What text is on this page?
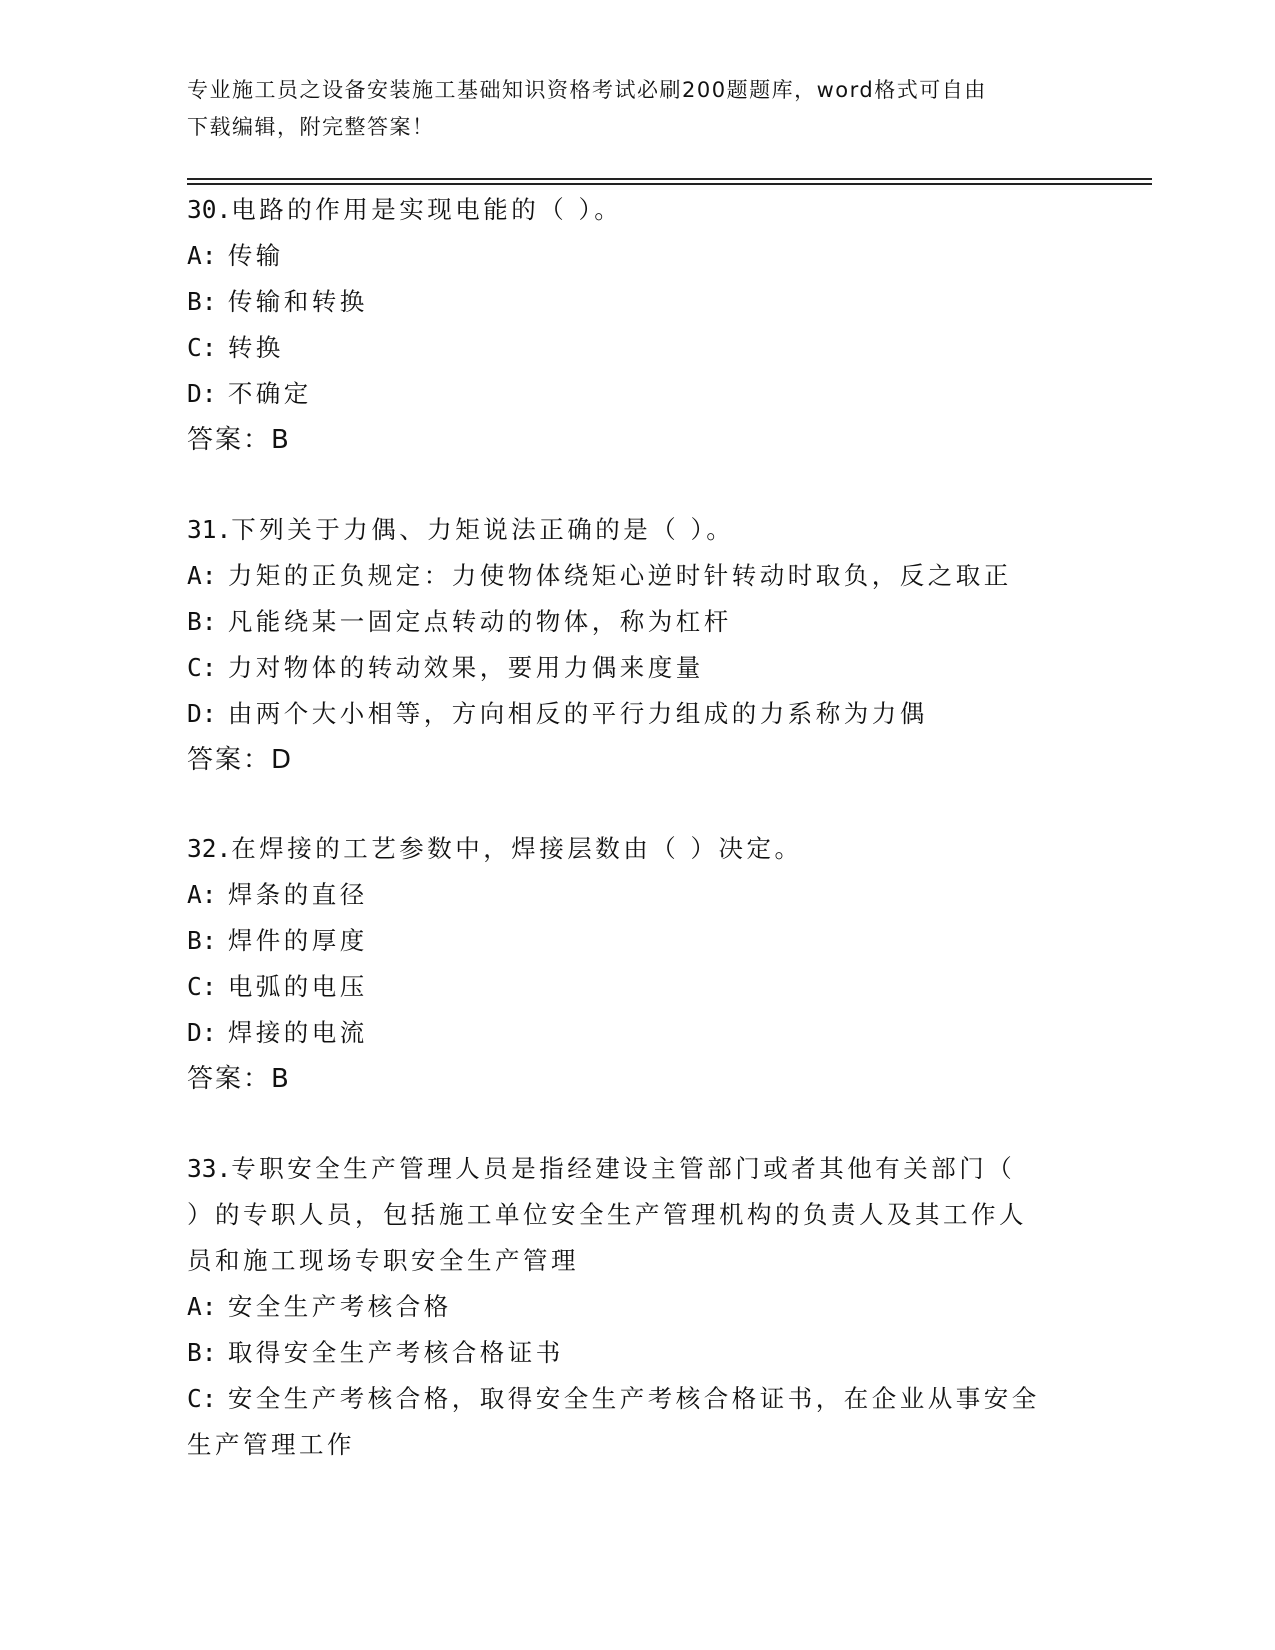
专业施工员之设备安装施工基础知识资格考试必刷200题题库，word格式可自由
下载编辑，附完整答案！
30.电路的作用是实现电能的（ ）。
A: 传输
B: 传输和转换
C: 转换
D: 不确定
答案：B
31.下列关于力偶、力矩说法正确的是（ ）。
A: 力矩的正负规定：力使物体绕矩心逆时针转动时取负，反之取正
B: 凡能绕某一固定点转动的物体，称为杠杆
C: 力对物体的转动效果，要用力偶来度量
D: 由两个大小相等，方向相反的平行力组成的力系称为力偶
答案：D
32.在焊接的工艺参数中，焊接层数由（ ）决定。
A: 焊条的直径
B: 焊件的厚度
C: 电弧的电压
D: 焊接的电流
答案：B
33.专职安全生产管理人员是指经建设主管部门或者其他有关部门（
）的专职人员，包括施工单位安全生产管理机构的负责人及其工作人
员和施工现场专职安全生产管理
A: 安全生产考核合格
B: 取得安全生产考核合格证书
C: 安全生产考核合格，取得安全生产考核合格证书，在企业从事安全
生产管理工作
